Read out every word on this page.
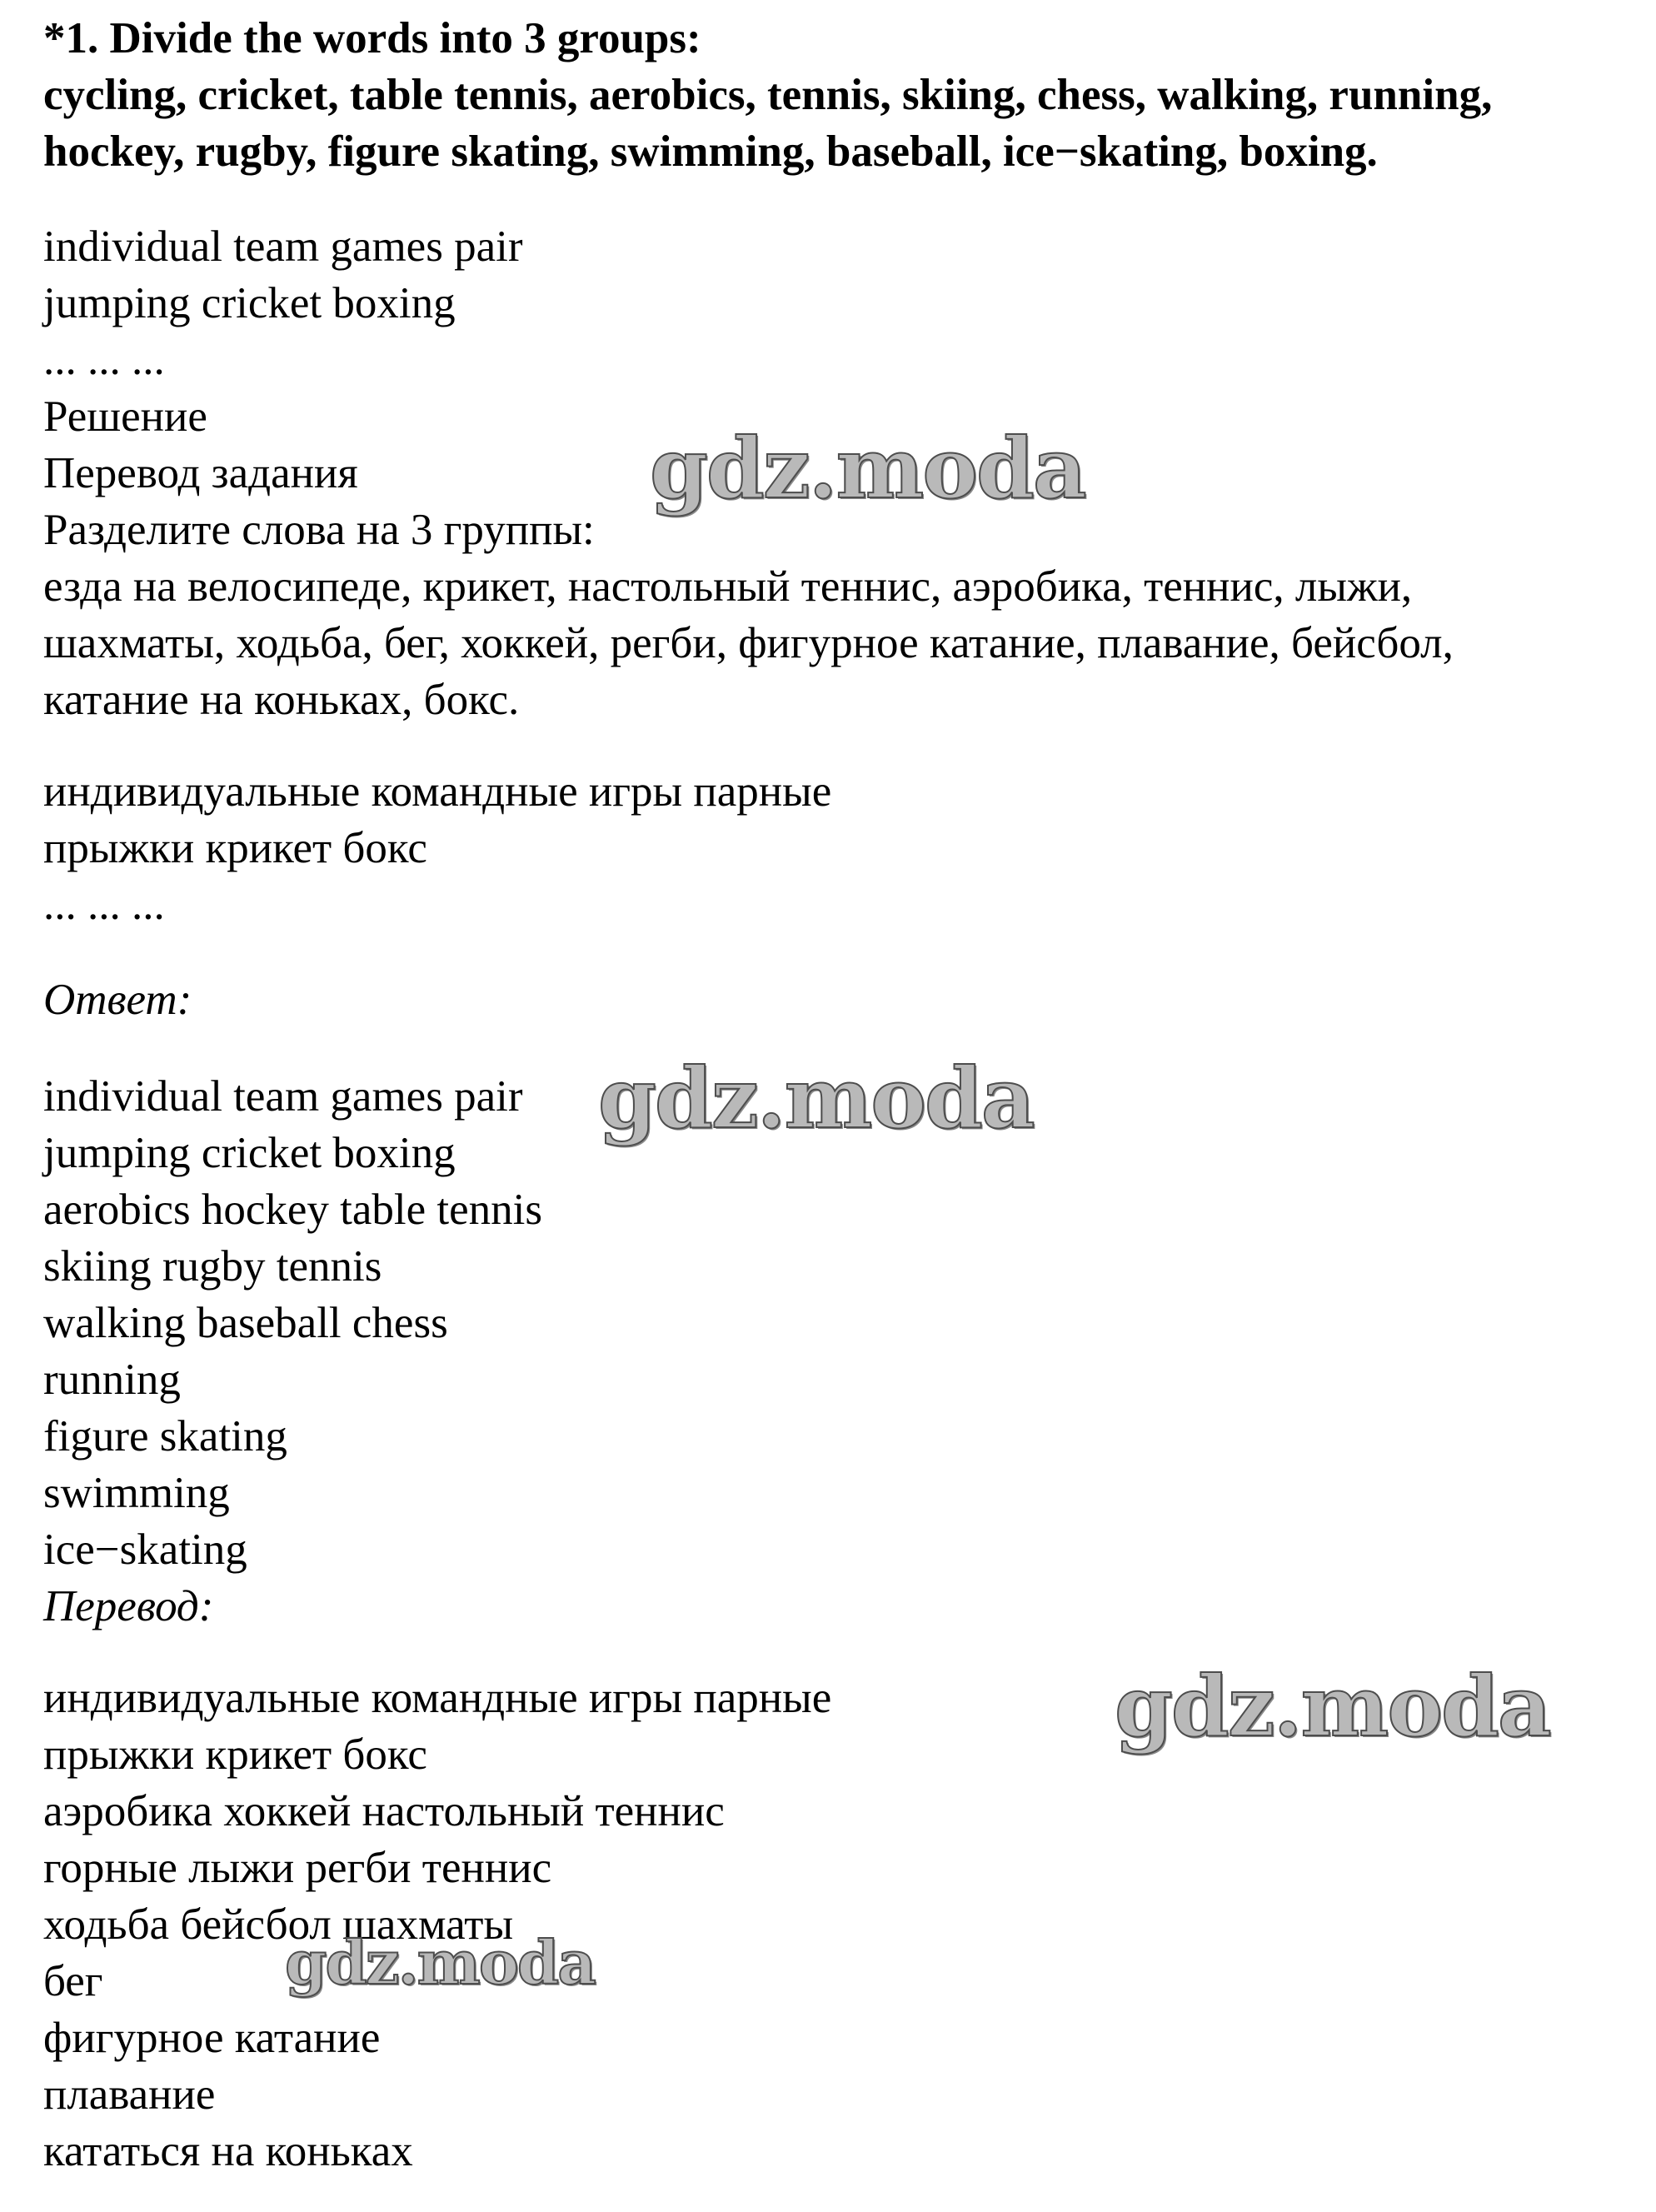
*1. Divide the words into 3 groups:
cycling, cricket, table tennis, aerobics, tennis, skiing, chess, walking, running,
hockey, rugby, figure skating, swimming, baseball, ice−skating, boxing.
individual team games pair
jumping cricket boxing
... ... ...
Решение
Перевод задания
Разделите слова на 3 группы:
езда на велосипеде, крикет, настольный теннис, аэробика, теннис, лыжи,
шахматы, ходьба, бег, хоккей, регби, фигурное катание, плавание, бейсбол,
катание на коньках, бокс.
индивидуальные командные игры парные
прыжки крикет бокс
... ... ...
Ответ:
individual team games pair
jumping cricket boxing
aerobics hockey table tennis
skiing rugby tennis
walking baseball chess
running
figure skating
swimming
ice−skating
Перевод:
индивидуальные командные игры парные
прыжки крикет бокс
аэробика хоккей настольный теннис
горные лыжи регби теннис
ходьба бейсбол шахматы
бег
фигурное катание
плавание
кататься на коньках
gdz.moda
gdz.moda
gdz.moda
gdz.moda
